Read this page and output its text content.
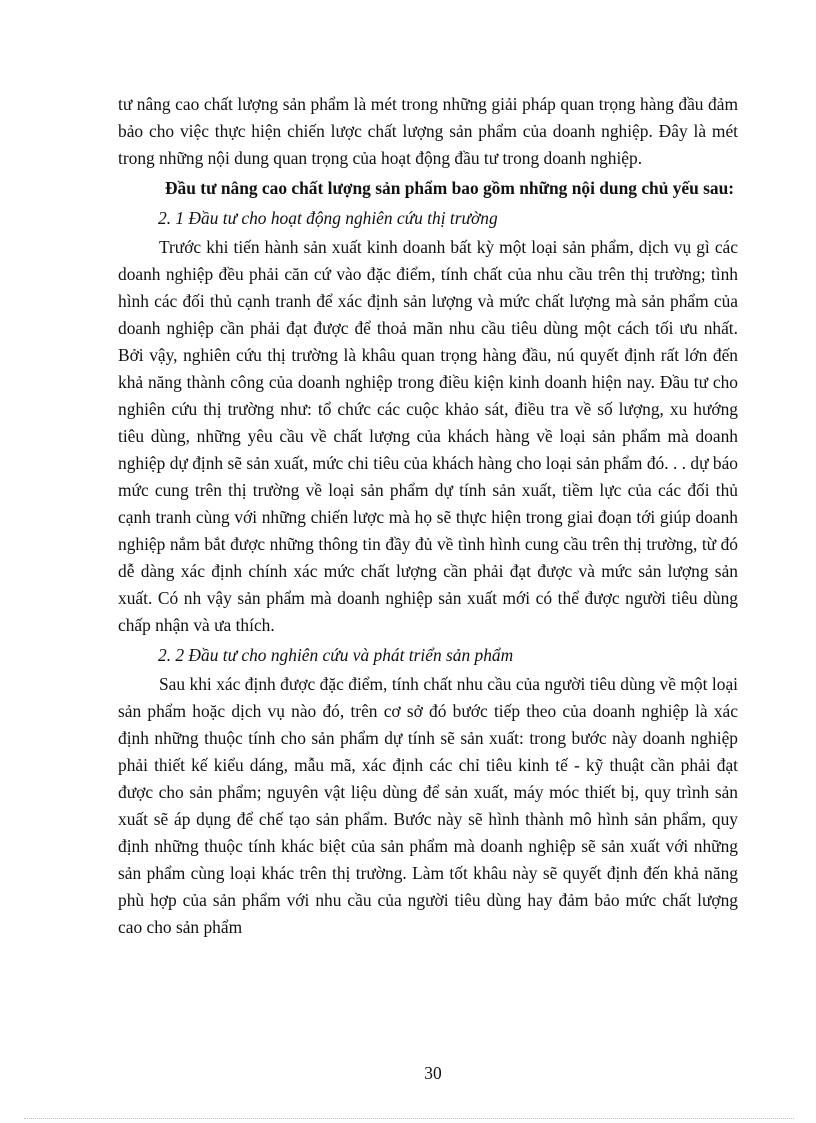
tư nâng cao chất lượng sản phẩm là mét trong những giải pháp quan trọng hàng đầu đảm bảo cho việc thực hiện chiến lược chất lượng sản phẩm của doanh nghiệp. Đây là mét trong những nội dung quan trọng của hoạt động đầu tư trong doanh nghiệp.

Đầu tư nâng cao chất lượng sản phẩm bao gồm những nội dung chủ yếu sau:

2. 1 Đầu tư cho hoạt động nghiên cứu thị trường

Trước khi tiến hành sản xuất kinh doanh bất kỳ một loại sản phẩm, dịch vụ gì các doanh nghiệp đều phải căn cứ vào đặc điểm, tính chất của nhu cầu trên thị trường; tình hình các đối thủ cạnh tranh để xác định sản lượng và mức chất lượng mà sản phẩm của doanh nghiệp cần phải đạt được để thoả mãn nhu cầu tiêu dùng một cách tối ưu nhất. Bởi vậy, nghiên cứu thị trường là khâu quan trọng hàng đầu, nú quyết định rất lớn đến khả năng thành công của doanh nghiệp trong điều kiện kinh doanh hiện nay. Đầu tư cho nghiên cứu thị trường như: tổ chức các cuộc khảo sát, điều tra về số lượng, xu hướng tiêu dùng, những yêu cầu về chất lượng của khách hàng về loại sản phẩm mà doanh nghiệp dự định sẽ sản xuất, mức chi tiêu của khách hàng cho loại sản phẩm đó. . . dự báo mức cung trên thị trường về loại sản phẩm dự tính sản xuất, tiềm lực của các đối thủ cạnh tranh cùng với những chiến lược mà họ sẽ thực hiện trong giai đoạn tới giúp doanh nghiệp nắm bắt được những thông tin đầy đủ về tình hình cung cầu trên thị trường, từ đó dễ dàng xác định chính xác mức chất lượng cần phải đạt được và mức sản lượng sản xuất. Có nh vậy sản phẩm mà doanh nghiệp sản xuất mới có thể được người tiêu dùng chấp nhận và ưa thích.

2. 2 Đầu tư cho nghiên cứu và phát triển sản phẩm

Sau khi xác định được đặc điểm, tính chất nhu cầu của người tiêu dùng về một loại sản phẩm hoặc dịch vụ nào đó, trên cơ sở đó bước tiếp theo của doanh nghiệp là xác định những thuộc tính cho sản phẩm dự tính sẽ sản xuất: trong bước này doanh nghiệp phải thiết kế kiểu dáng, mẫu mã, xác định các chỉ tiêu kinh tế - kỹ thuật cần phải đạt được cho sản phẩm; nguyên vật liệu dùng để sản xuất, máy móc thiết bị, quy trình sản xuất sẽ áp dụng để chế tạo sản phẩm. Bước này sẽ hình thành mô hình sản phẩm, quy định những thuộc tính khác biệt của sản phẩm mà doanh nghiệp sẽ sản xuất với những sản phẩm cùng loại khác trên thị trường. Làm tốt khâu này sẽ quyết định đến khả năng phù hợp của sản phẩm với nhu cầu của người tiêu dùng hay đảm bảo mức chất lượng cao cho sản phẩm

30
